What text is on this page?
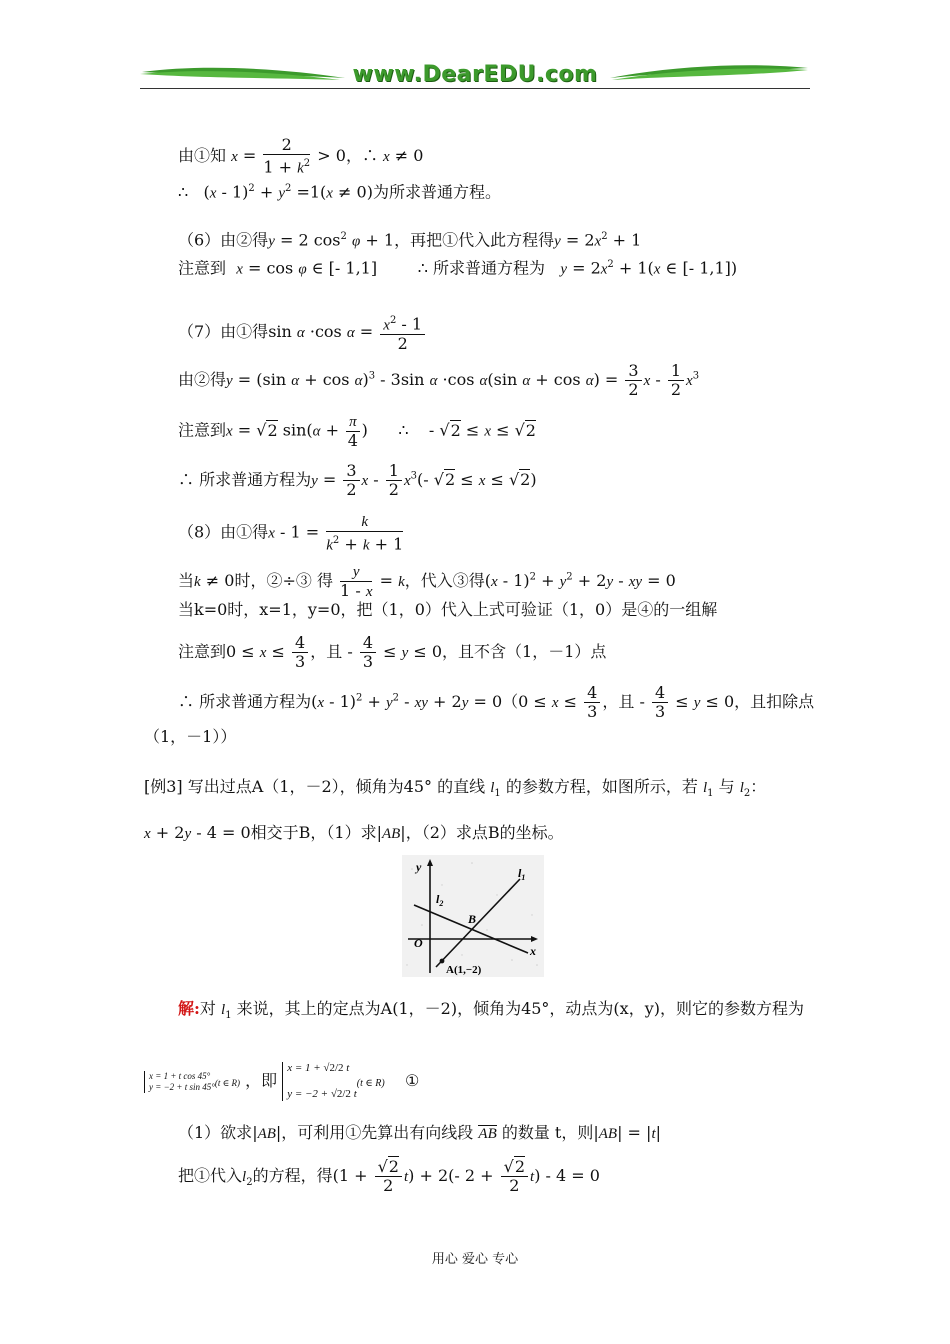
www.DearEDU.com
由①知 $x = \frac{2}{1 + k^2} > 0$，∴ x ≠ 0
∴   $(x - 1)^2 + y^2 =1(x \ne 0)$为所求普通方程。
（6）由②得y = 2 $\cos^2 \varphi + 1$，再把①代入此方程得$y = 2x^2 + 1$
注意到 x = cos φ ∈ [- 1,1]        ∴ 所求普通方程为 $y = 2x^2 + 1(x$ ∈ [- 1,1])
（7）由①得sin α ·cos $\alpha = \frac{x^2 - 1}{2}$
由②得y = (sin α + cos α)$^3$ - 3sin α ·cos α(sin $\alpha + \cos \alpha) = \frac{3}{2}$ x - $\frac{1}{2} x^3$
注意到x = √2 $\sin(\alpha + \frac{\pi}{4}$ )      ∴    - √2 ≤ x ≤ √2
∴ 所求普通方程为$y = \frac{3}{2}$ x - $\frac{1}{2} x^3(-$ √2 ≤ x ≤ √2)
（8）由①得$x - 1 = \frac{k}{k^2 + k + 1}$
当k ≠ 0时，②÷③ 得 $\frac{y}{1 - x} = k$，代入③得$(x - 1)^2 + y^2 + 2y$ - xy = 0
当k=0时，x=1，y=0，把（1，0）代入上式可验证（1，0）是④的一组解
注意到$0 \le x \le \frac{4}{3}$ ，且 - $\frac{4}{3} \le y \le 0$，且不含（1，－1）点
∴ 所求普通方程为$(x - 1)^2 + y^2$ - xy + $2y = 0(0 \le x \le \frac{4}{3}$ ，且 - $\frac{4}{3} \le y \le 0$，且扣除点
（1，－1））
[例3] 写出过点A（1，－2），倾角为45° 的直线 $l_1$ 的参数方程，如图所示，若 $l_1$ 与 $l_2$：
x + 2y - 4 = 0相交于B，（1）求|AB|，（2）求点B的坐标。
y
x
O
B
$l_1$
$l_2$
A(1,−2)
解:对 $l_1$ 来说，其上的定点为A(1，－2)，倾角为45°，动点为(x，y)，则它的参数方程为
x = 1 + t cos 45°
y = −2 + t sin 45°(t ∈ R) ，即 x = 1 + √2/2 t

y = −2 + √2/2 t(t ∈ R) ①
（1）欲求|AB|，可利用①先算出有向线段 AB 的数量 t，则|AB| = |t|
把①代入$l_2$的方程，得$(1 + \frac{√2}{2} t) + 2(-$ $2 + \frac{√2}{2} t) - 4 = 0$
用心 爱心 专心
